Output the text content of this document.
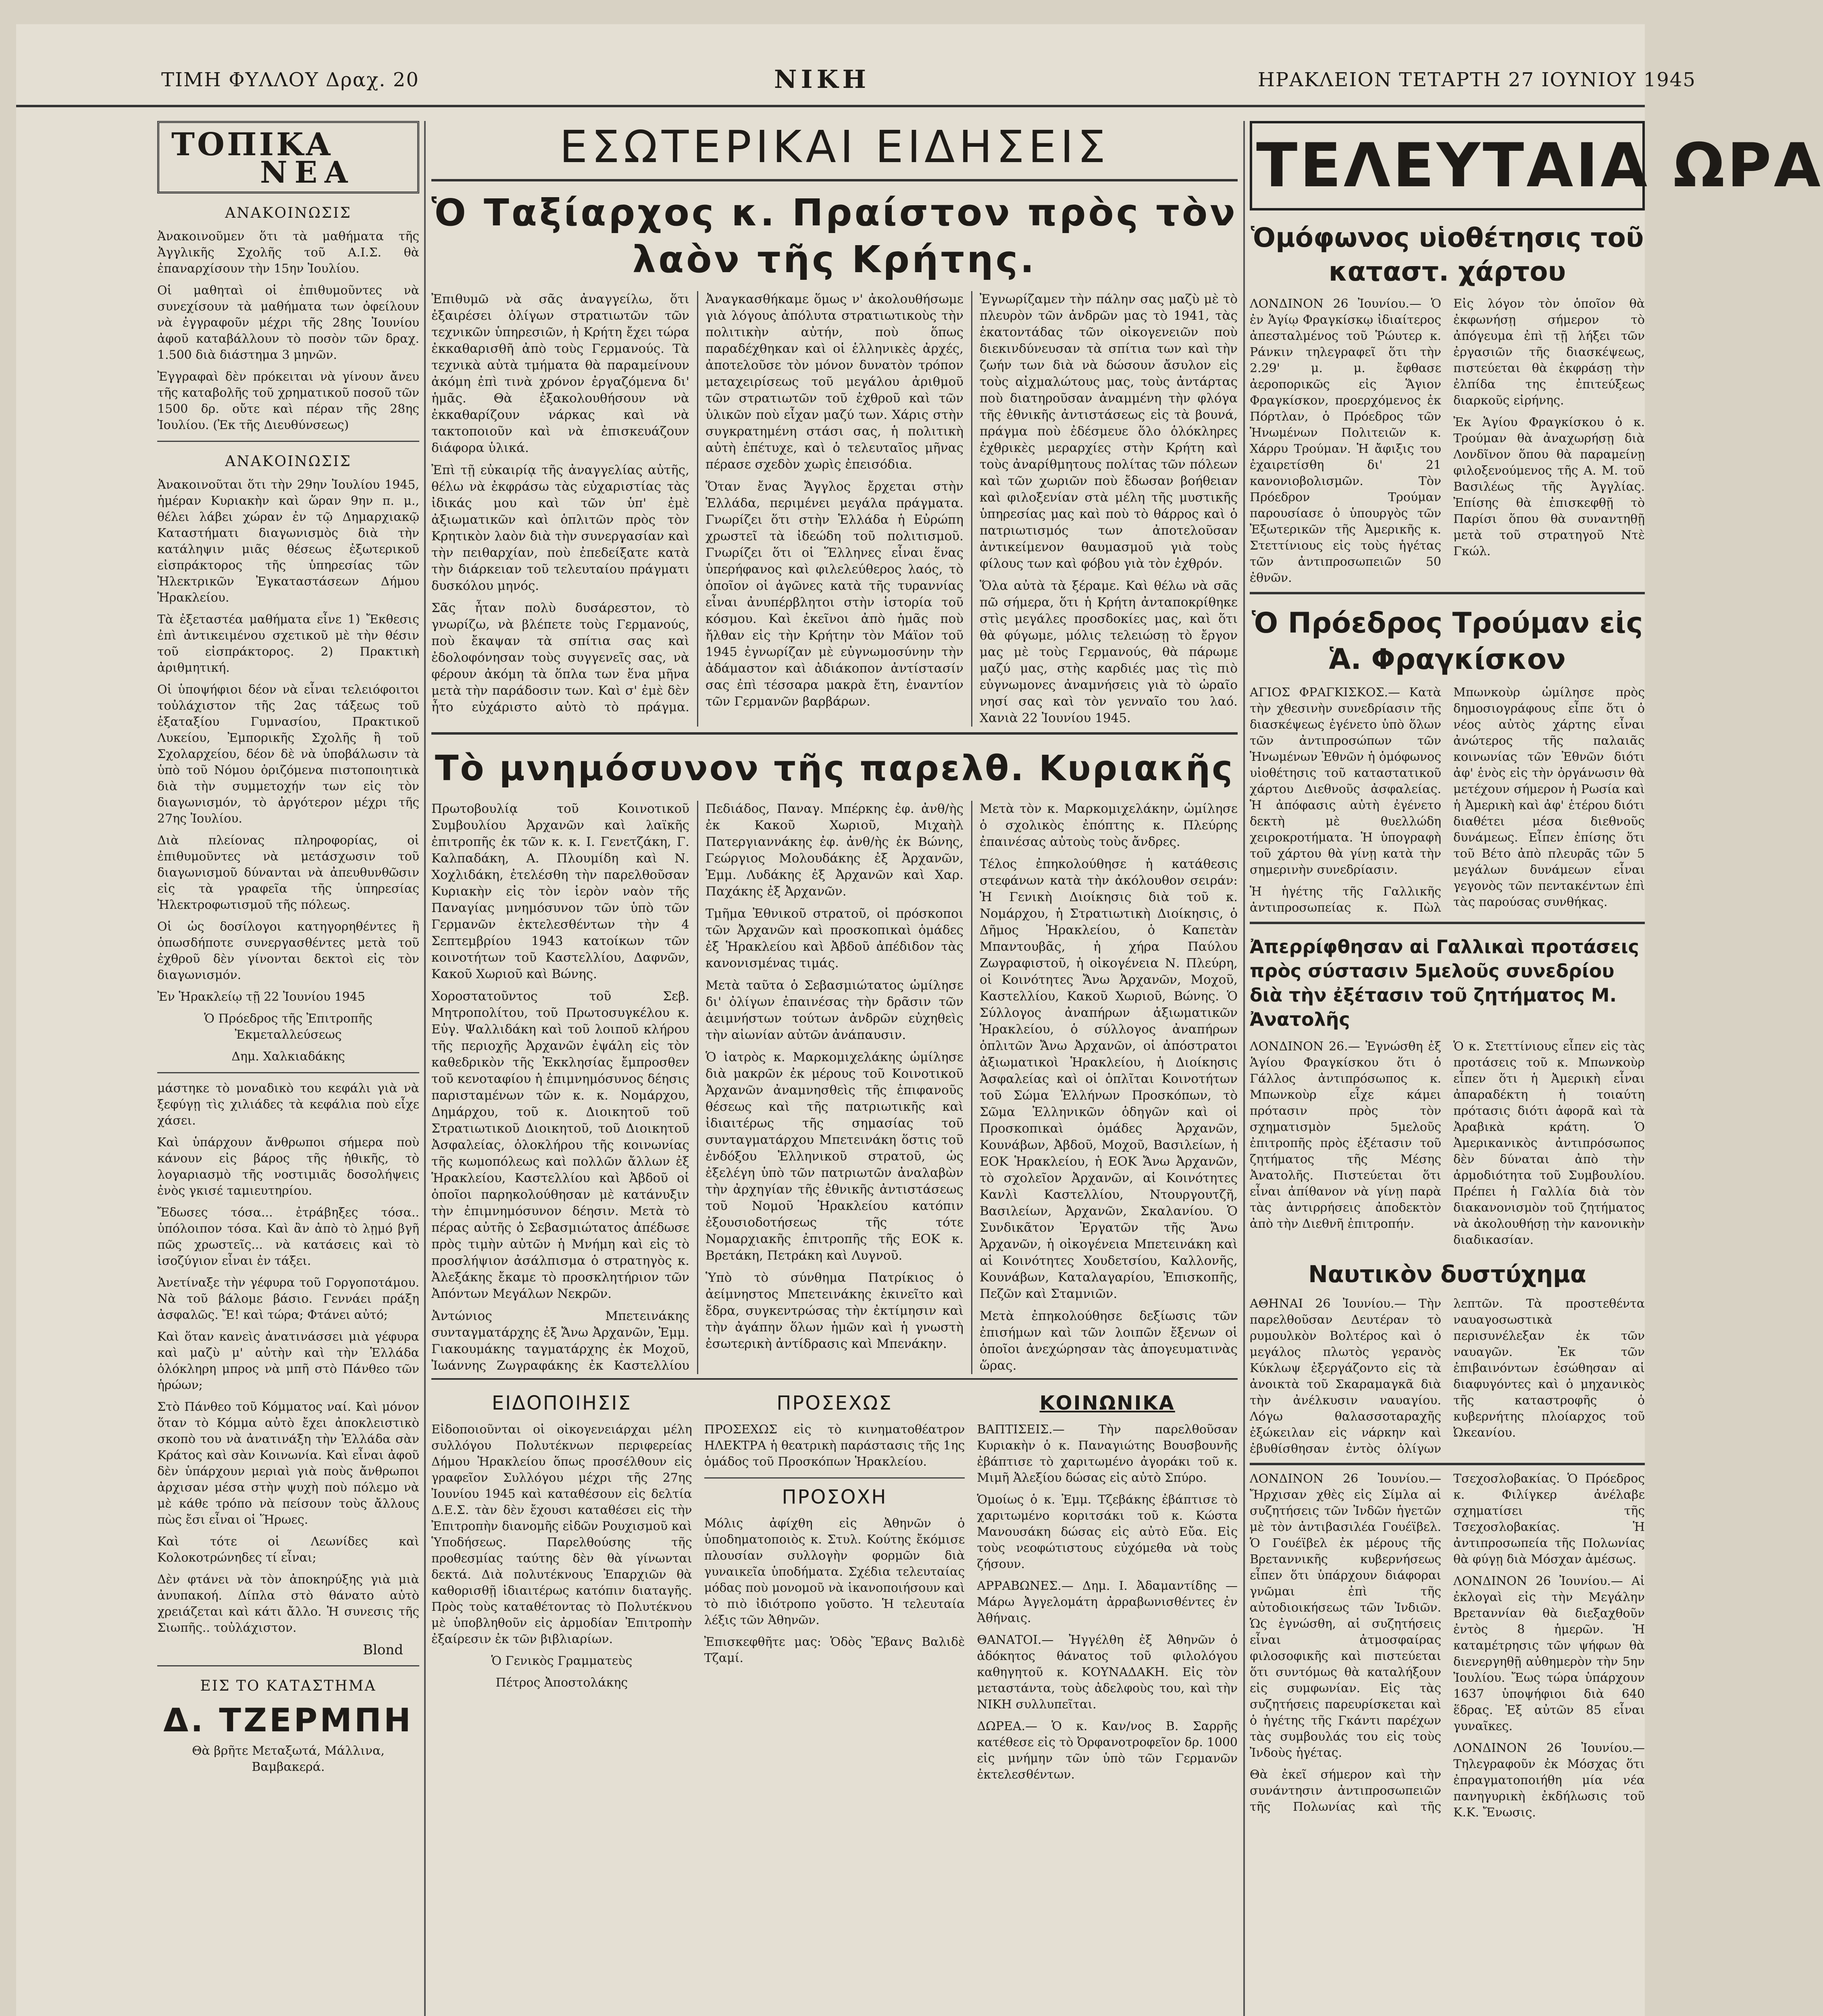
ΤΙΜΗ ΦΥΛΛΟΥ Δραχ. 20	ΝΙΚΗ	ΗΡΑΚΛΕΙΟΝ ΤΕΤΑΡΤΗ 27 ΙΟΥΝΙΟΥ 1945
ΤΟΠΙΚΑ
ΝΕΑ
ΑΝΑΚΟΙΝΩΣΙΣ

Ἀνακοινοῦμεν ὅτι τὰ μαθήματα τῆς Ἀγγλικῆς Σχολῆς τοῦ Α.Ι.Σ. θὰ ἐπαναρχίσουν τὴν 15ην Ἰουλίου.

Οἱ μαθηταὶ οἱ ἐπιθυμοῦντες νὰ συνεχίσουν τὰ μαθήματα των ὀφείλουν νὰ ἐγγραφοῦν μέχρι τῆς 28ης Ἰουνίου ἀφοῦ καταβάλλουν τὸ ποσὸν τῶν δραχ. 1.500 διὰ διάστημα 3 μηνῶν.

Ἐγγραφαὶ δὲν πρόκειται νὰ γίνουν ἄνευ τῆς καταβολῆς τοῦ χρηματικοῦ ποσοῦ τῶν 1500 δρ. οὔτε καὶ πέραν τῆς 28ης Ἰουλίου. (Ἐκ τῆς Διευθύνσεως)

ΑΝΑΚΟΙΝΩΣΙΣ

Ἀνακοινοῦται ὅτι τὴν 29ην Ἰουλίου 1945, ἡμέραν Κυριακὴν καὶ ὥραν 9ην π. μ., θέλει λάβει χώραν ἐν τῷ Δημαρχιακῷ Καταστήματι διαγωνισμὸς διὰ τὴν κατάληψιν μιᾶς θέσεως ἐξωτερικοῦ εἰσπράκτορος τῆς ὑπηρεσίας τῶν Ἠλεκτρικῶν Ἐγκαταστάσεων Δήμου Ἡρακλείου.

Τὰ ἐξεταστέα μαθήματα εἶνε 1) Ἔκθεσις ἐπὶ ἀντικειμένου σχετικοῦ μὲ τὴν θέσιν τοῦ εἰσπράκτορος. 2) Πρακτικὴ ἀριθμητική.

Οἱ ὑποψήφιοι δέον νὰ εἶναι τελειόφοιτοι τοὐλάχιστον τῆς 2ας τάξεως τοῦ ἑξαταξίου Γυμνασίου, Πρακτικοῦ Λυκείου, Ἐμπορικῆς Σχολῆς ἢ τοῦ Σχολαρχείου, δέον δὲ νὰ ὑποβάλωσιν τὰ ὑπὸ τοῦ Νόμου ὁριζόμενα πιστοποιητικὰ διὰ τὴν συμμετοχήν των εἰς τὸν διαγωνισμόν, τὸ ἀργότερον μέχρι τῆς 27ης Ἰουλίου.

Διὰ πλείονας πληροφορίας, οἱ ἐπιθυμοῦντες νὰ μετάσχωσιν τοῦ διαγωνισμοῦ δύνανται νὰ ἀπευθυνθῶσιν εἰς τὰ γραφεῖα τῆς ὑπηρεσίας Ἠλεκτροφωτισμοῦ τῆς πόλεως.

Οἱ ὡς δοσίλογοι κατηγορηθέντες ἢ ὁπωσδήποτε συνεργασθέντες μετὰ τοῦ ἐχθροῦ δὲν γίνονται δεκτοὶ εἰς τὸν διαγωνισμόν.

Ἐν Ἡρακλείῳ τῇ 22 Ἰουνίου 1945

Ὁ Πρόεδρος τῆς Ἐπιτροπῆς Ἐκμεταλλεύσεως

Δημ. Χαλκιαδάκης

μάστηκε τὸ μοναδικὸ του κεφάλι γιὰ νὰ ξεφύγῃ τὶς χιλιάδες τὰ κεφάλια ποὺ εἶχε χάσει.

Καὶ ὑπάρχουν ἄνθρωποι σήμερα ποὺ κάνουν εἰς βάρος τῆς ἠθικῆς, τὸ λογαριασμὸ τῆς νοστιμιᾶς δοσολήψεις ἐνὸς γκισέ ταμιευτηρίου.

Ἔδωσες τόσα... ἐτράβηξες τόσα.. ὑπόλοιπον τόσα. Καὶ ἂν ἀπὸ τὸ λῃμό βγῆ πῶς χρωστεῖς... νὰ κατάσεις καὶ τὸ ἰσοζύγιον εἶναι ἐν τάξει.

Ἀνετίναξε τὴν γέφυρα τοῦ Γοργοποτάμου. Νὰ τοῦ βάλομε βάσιο. Γεννάει πράξη ἀσφαλῶς. Ἔ! καὶ τώρα; Φτάνει αὐτό;

Καὶ ὅταν κανεὶς ἀνατινάσσει μιὰ γέφυρα καὶ μαζὺ μ' αὐτὴν καὶ τὴν Ἑλλάδα ὁλόκληρη μπρος νὰ μπῆ στὸ Πάνθεο τῶν ἡρώων;

Στὸ Πάνθεο τοῦ Κόμματος ναί. Καὶ μόνον ὅταν τὸ Κόμμα αὐτὸ ἔχει ἀποκλειστικὸ σκοπὸ του νὰ ἀνατινάξη τὴν Ἑλλάδα σὰν Κράτος καὶ σὰν Κοινωνία. Καὶ εἶναι ἀφοῦ δὲν ὑπάρχουν μεριαὶ γιὰ ποὺς ἄνθρωποι ἀρχισαν μέσα στὴν ψυχὴ ποὺ πόλεμο νὰ μὲ κάθε τρόπο νὰ πείσουν τοὺς ἄλλους πὼς ἔσι εἶναι οἱ Ἥρωες.

Καὶ τότε οἱ Λεωνίδες καὶ Κολοκοτρώνηδες τί εἶναι;

Δὲν φτάνει νὰ τὸν ἀποκηρύξης γιὰ μιὰ ἀνυπακοή. Δίπλα στὸ θάνατο αὐτὸ χρειάζεται καὶ κάτι ἄλλο. Ἡ συνεσις τῆς Σιωπῆς.. τοὐλάχιστον.

Blond
ΕΙΣ ΤΟ ΚΑΤΑΣΤΗΜΑ
Δ. ΤΖΕΡΜΠΗ

Θὰ βρῆτε Μεταξωτά, Μάλλινα, Βαμβακερά.

ΕΣΩΤΕΡΙΚΑΙ ΕΙΔΗΣΕΙΣ
Ὁ Ταξίαρχος κ. Πραίστον πρὸς τὸν λαὸν τῆς Κρήτης.

Ἐπιθυμῶ νὰ σᾶς ἀναγγείλω, ὅτι ἐξαιρέσει ὀλίγων στρατιωτῶν τῶν τεχνικῶν ὑπηρεσιῶν, ἡ Κρήτη ἔχει τώρα ἐκκαθαρισθῆ ἀπὸ τοὺς Γερμανούς. Τὰ τεχνικὰ αὐτὰ τμήματα θὰ παραμείνουν ἀκόμη ἐπὶ τινὰ χρόνον ἐργαζόμενα δι' ἡμᾶς. Θὰ ἐξακολουθήσουν νὰ ἐκκαθαρίζουν νάρκας καὶ νὰ τακτοποιοῦν καὶ νὰ ἐπισκευάζουν διάφορα ὑλικά.

Ἐπὶ τῇ εὐκαιρίᾳ τῆς ἀναγγελίας αὐτῆς, θέλω νὰ ἐκφράσω τὰς εὐχαριστίας τὰς ἰδικάς μου καὶ τῶν ὑπ' ἐμὲ ἀξιωματικῶν καὶ ὁπλιτῶν πρὸς τὸν Κρητικὸν λαὸν διὰ τὴν συνεργασίαν καὶ τὴν πειθαρχίαν, ποὺ ἐπεδείξατε κατὰ τὴν διάρκειαν τοῦ τελευταίου πράγματι δυσκόλου μηνός.

Σᾶς ἦταν πολὺ δυσάρεστον, τὸ γνωρίζω, νὰ βλέπετε τοὺς Γερμανούς, ποὺ ἔκαψαν τὰ σπίτια σας καὶ ἐδολοφόνησαν τοὺς συγγενεῖς σας, νὰ φέρουν ἀκόμη τὰ ὅπλα των ἕνα μῆνα μετὰ τὴν παράδοσιν των. Καὶ σ' ἐμὲ δὲν ἦτο εὐχάριστο αὐτὸ τὸ πράγμα. Ἀναγκασθήκαμε ὅμως ν' ἀκολουθήσωμε γιὰ λόγους ἀπόλυτα στρατιωτικοὺς τὴν πολιτικὴν αὐτήν, ποὺ ὅπως παραδέχθηκαν καὶ οἱ ἑλληνικὲς ἀρχές, ἀποτελοῦσε τὸν μόνον δυνατὸν τρόπον μεταχειρίσεως τοῦ μεγάλου ἀριθμοῦ τῶν στρατιωτῶν τοῦ ἐχθροῦ καὶ τῶν ὑλικῶν ποὺ εἶχαν μαζύ των. Χάρις στὴν συγκρατημένη στάσι σας, ἡ πολιτικὴ αὐτὴ ἐπέτυχε, καὶ ὁ τελευταῖος μῆνας πέρασε σχεδὸν χωρὶς ἐπεισόδια.

Ὅταν ἔνας Ἄγγλος ἔρχεται στὴν Ἑλλάδα, περιμένει μεγάλα πράγματα. Γνωρίζει ὅτι στὴν Ἑλλάδα ἡ Εὐρώπη χρωστεῖ τὰ ἰδεώδη τοῦ πολιτισμοῦ. Γνωρίζει ὅτι οἱ Ἕλληνες εἶναι ἕνας ὑπερήφανος καὶ φιλελεύθερος λαός, τὸ ὁποῖον οἱ ἀγῶνες κατὰ τῆς τυραννίας εἶναι ἀνυπέρβλητοι στὴν ἱστορία τοῦ κόσμου. Καὶ ἐκεῖνοι ἀπὸ ἡμᾶς ποὺ ἤλθαν εἰς τὴν Κρήτην τὸν Μάϊον τοῦ 1945 ἐγνωρίζαν μὲ εὐγνωμοσύνην τὴν ἀδάμαστον καὶ ἀδιάκοπον ἀντίστασίν σας ἐπὶ τέσσαρα μακρὰ ἔτη, ἐναντίον τῶν Γερμανῶν βαρβάρων.

Ἐγνωρίζαμεν τὴν πάλην σας μαζὺ μὲ τὸ πλευρὸν τῶν ἀνδρῶν μας τὸ 1941, τὰς ἑκατοντάδας τῶν οἰκογενειῶν ποὺ διεκινδύνευσαν τὰ σπίτια των καὶ τὴν ζωήν των διὰ νὰ δώσουν ἄσυλον εἰς τοὺς αἰχμαλώτους μας, τοὺς ἀντάρτας ποὺ διατηροῦσαν ἀναμμένη τὴν φλόγα τῆς ἐθνικῆς ἀντιστάσεως εἰς τὰ βουνά, πράγμα ποὺ ἐδέσμευε ὅλο ὁλόκληρες ἐχθρικὲς μεραρχίες στὴν Κρήτη καὶ τοὺς ἀναρίθμητους πολίτας τῶν πόλεων καὶ τῶν χωριῶν ποὺ ἔδωσαν βοήθειαν καὶ φιλοξενίαν στὰ μέλη τῆς μυστικῆς ὑπηρεσίας μας καὶ ποὺ τὸ θάρρος καὶ ὁ πατριωτισμός των ἀποτελοῦσαν ἀντικείμενον θαυμασμοῦ γιὰ τοὺς φίλους των καὶ φόβου γιὰ τὸν ἐχθρόν.

Ὅλα αὐτὰ τὰ ξέραμε. Καὶ θέλω νὰ σᾶς πῶ σήμερα, ὅτι ἡ Κρήτη ἀνταποκρίθηκε στὶς μεγάλες προσδοκίες μας, καὶ ὅτι θὰ φύγωμε, μόλις τελειώσῃ τὸ ἔργον μας μὲ τοὺς Γερμανούς, θὰ πάρωμε μαζύ μας, στὴς καρδιές μας τὶς πιὸ εὐγνωμονες ἀναμνήσεις γιὰ τὸ ὡραῖο νησί σας καὶ τὸν γενναῖο του λαό. Χανιὰ 22 Ἰουνίου 1945.

Τὸ μνημόσυνον τῆς παρελθ. Κυριακῆς

Πρωτοβουλίᾳ τοῦ Κοινοτικοῦ Συμβουλίου Ἀρχανῶν καὶ λαϊκῆς ἐπιτροπῆς ἐκ τῶν κ. κ. Ι. Γενετζάκη, Γ. Καλπαδάκη, Α. Πλουμίδη καὶ Ν. Χοχλιδάκη, ἐτελέσθη τὴν παρελθοῦσαν Κυριακὴν εἰς τὸν ἱερὸν ναὸν τῆς Παναγίας μνημόσυνον τῶν ὑπὸ τῶν Γερμανῶν ἐκτελεσθέντων τὴν 4 Σεπτεμβρίου 1943 κατοίκων τῶν κοινοτήτων τοῦ Καστελλίου, Δαφνῶν, Κακοῦ Χωριοῦ καὶ Βώνης.

Χοροστατοῦντος τοῦ Σεβ. Μητροπολίτου, τοῦ Πρωτοσυγκέλου κ. Εὐγ. Ψαλλιδάκη καὶ τοῦ λοιποῦ κλήρου τῆς περιοχῆς Ἀρχανῶν ἐψάλη εἰς τὸν καθεδρικὸν τῆς Ἐκκλησίας ἔμπροσθεν τοῦ κενοταφίου ἡ ἐπιμνημόσυνος δέησις παρισταμένων τῶν κ. κ. Νομάρχου, Δημάρχου, τοῦ κ. Διοικητοῦ τοῦ Στρατιωτικοῦ Διοικητοῦ, τοῦ Διοικητοῦ Ἀσφαλείας, ὁλοκλήρου τῆς κοινωνίας τῆς κωμοπόλεως καὶ πολλῶν ἄλλων ἐξ Ἡρακλείου, Καστελλίου καὶ Ἀβδοῦ οἱ ὁποῖοι παρηκολούθησαν μὲ κατάνυξιν τὴν ἐπιμνημόσυνον δέησιν. Μετὰ τὸ πέρας αὐτῆς ὁ Σεβασμιώτατος ἀπέδωσε πρὸς τιμὴν αὐτῶν ἡ Μνήμη καὶ εἰς τὸ προσλήψιον ἀσάλπισμα ὁ στρατηγὸς κ. Ἀλεξάκης ἔκαμε τὸ προσκλητήριον τῶν Ἀπόντων Μεγάλων Νεκρῶν.

Ἀντώνιος Μπετεινάκης συνταγματάρχης ἐξ Ἄνω Ἀρχανῶν, Ἐμμ. Γιακουμάκης ταγματάρχης ἐκ Μοχοῦ, Ἰωάννης Ζωγραφάκης ἐκ Καστελλίου Πεδιάδος, Παναγ. Μπέρκης ἐφ. ἀνθ/ὴς ἐκ Κακοῦ Χωριοῦ, Μιχαὴλ Πατεργιαννάκης ἐφ. ἀνθ/ὴς ἐκ Βώνης, Γεώργιος Μολουδάκης ἐξ Ἀρχανῶν, Ἐμμ. Λυδάκης ἐξ Ἀρχανῶν καὶ Χαρ. Παχάκης ἐξ Ἀρχανῶν.

Τμῆμα Ἐθνικοῦ στρατοῦ, οἱ πρόσκοποι τῶν Ἀρχανῶν καὶ προσκοπικαὶ ὁμάδες ἐξ Ἡρακλείου καὶ Ἀβδοῦ ἀπέδιδον τὰς κανονισμένας τιμάς.

Μετὰ ταῦτα ὁ Σεβασμιώτατος ὡμίλησε δι' ὀλίγων ἐπαινέσας τὴν δρᾶσιν τῶν ἀειμνήστων τούτων ἀνδρῶν εὐχηθεὶς τὴν αἰωνίαν αὐτῶν ἀνάπαυσιν.

Ὁ ἰατρὸς κ. Μαρκομιχελάκης ὡμίλησε διὰ μακρῶν ἐκ μέρους τοῦ Κοινοτικοῦ Ἀρχανῶν ἀναμνησθεὶς τῆς ἐπιφανοῦς θέσεως καὶ τῆς πατριωτικῆς καὶ ἰδιαιτέρως τῆς σημασίας τοῦ συνταγματάρχου Μπετεινάκη ὅστις τοῦ ἐνδόξου Ἑλληνικοῦ στρατοῦ, ὡς ἐξελέγη ὑπὸ τῶν πατριωτῶν ἀναλαβὼν τὴν ἀρχηγίαν τῆς ἐθνικῆς ἀντιστάσεως τοῦ Νομοῦ Ἡρακλείου κατόπιν ἐξουσιοδοτήσεως τῆς τότε Νομαρχιακῆς ἐπιτροπῆς τῆς ΕΟΚ κ. Βρετάκη, Πετράκη καὶ Λυγνοῦ.

Ὑπὸ τὸ σύνθημα Πατρίκιος ὁ ἀείμνηστος Μπετεινάκης ἐκινεῖτο καὶ ἔδρα, συγκεντρώσας τὴν ἐκτίμησιν καὶ τὴν ἀγάπην ὅλων ἡμῶν καὶ ἡ γνωστὴ ἐσωτερικὴ ἀντίδρασις καὶ Μπενάκην.

Μετὰ τὸν κ. Μαρκομιχελάκην, ὡμίλησε ὁ σχολικὸς ἐπόπτης κ. Πλεύρης ἐπαινέσας αὐτοὺς τοὺς ἄνδρες.

Τέλος ἐπηκολούθησε ἡ κατάθεσις στεφάνων κατὰ τὴν ἀκόλουθον σειράν: Ἡ Γενικὴ Διοίκησις διὰ τοῦ κ. Νομάρχου, ἡ Στρατιωτικὴ Διοίκησις, ὁ Δῆμος Ἡρακλείου, ὁ Καπετὰν Μπαντουβᾶς, ἡ χήρα Παύλου Ζωγραφιστοῦ, ἡ οἰκογένεια Ν. Πλεύρη, οἱ Κοινότητες Ἄνω Ἀρχανῶν, Μοχοῦ, Καστελλίου, Κακοῦ Χωριοῦ, Βώνης. Ὁ Σύλλογος ἀναπήρων ἀξιωματικῶν Ἡρακλείου, ὁ σύλλογος ἀναπήρων ὁπλιτῶν Ἄνω Ἀρχανῶν, οἱ ἀπόστρατοι ἀξιωματικοὶ Ἡρακλείου, ἡ Διοίκησις Ἀσφαλείας καὶ οἱ ὁπλῖται Κοινοτήτων τοῦ Σώμα Ἑλλήνων Προσκόπων, τὸ Σῶμα Ἑλληνικῶν ὁδηγῶν καὶ οἱ Προσκοπικαὶ ὁμάδες Ἀρχανῶν, Κουνάβων, Ἀβδοῦ, Μοχοῦ, Βασιλείων, ἡ ΕΟΚ Ἡρακλείου, ἡ ΕΟΚ Ἄνω Ἀρχανῶν, τὸ σχολεῖον Ἀρχανῶν, αἱ Κοινότητες Κανλὶ Καστελλίου, Ντουργουτζῆ, Βασιλείων, Ἀρχανῶν, Σκαλανίου. Ὁ Συνδικᾶτον Ἐργατῶν τῆς Ἄνω Ἀρχανῶν, ἡ οἰκογένεια Μπετεινάκη καὶ αἱ Κοινότητες Χουδετσίου, Καλλονῆς, Κουνάβων, Καταλαγαρίου, Ἐπισκοπῆς, Πεζῶν καὶ Σταμνιῶν.

Μετὰ ἐπηκολούθησε δεξίωσις τῶν ἐπισήμων καὶ τῶν λοιπῶν ἔξενων οἱ ὁποῖοι ἀνεχώρησαν τὰς ἀπογευματινὰς ὥρας.

ΕΙΔΟΠΟΙΗΣΙΣ

Εἰδοποιοῦνται οἱ οἰκογενειάρχαι μέλη συλλόγου Πολυτέκνων περιφερείας Δήμου Ἡρακλείου ὅπως προσέλθουν εἰς γραφεῖον Συλλόγου μέχρι τῆς 27ης Ἰουνίου 1945 καὶ καταθέσουν εἰς δελτία Δ.Ε.Σ. τὰν δὲν ἔχουσι καταθέσει εἰς τὴν Ἐπιτροπὴν διανομῆς εἰδῶν Ρουχισμοῦ καὶ Ὑποδήσεως. Παρελθούσης τῆς προθεσμίας ταύτης δὲν θὰ γίνωνται δεκτά. Διὰ πολυτέκνους Ἐπαρχιῶν θὰ καθορισθῇ ἰδιαιτέρως κατόπιν διαταγῆς. Πρὸς τοὺς καταθέτοντας τὸ Πολυτέκνου μὲ ὑποβληθοῦν εἰς ἀρμοδίαν Ἐπιτροπὴν ἐξαίρεσιν ἐκ τῶν βιβλιαρίων.

Ὁ Γενικὸς Γραμματεὺς

Πέτρος Ἀποστολάκης

ΠΡΟΣΕΧΩΣ

ΠΡΟΣΕΧΩΣ εἰς τὸ κινηματοθέατρον ΗΛΕΚΤΡΑ ἡ θεατρικὴ παράστασις τῆς 1ης ὁμάδος τοῦ Προσκόπων Ἡρακλείου.

ΠΡΟΣΟΧΗ

Μόλις ἀφίχθη εἰς Ἀθηνῶν ὁ ὑποδηματοποιὸς κ. Στυλ. Κούτης ἔκόμισε πλουσίαν συλλογὴν φορμῶν διὰ γυναικεῖα ὑποδήματα. Σχέδια τελευταίας μόδας ποὺ μονομοῦ νὰ ἱκανοποιήσουν καὶ τὸ πιὸ ἰδιότροπο γοῦστο. Ἡ τελευταία λέξις τῶν Ἀθηνῶν.

Ἐπισκεφθῆτε μας: Ὁδὸς Ἔβανς Βαλιδὲ Τζαμί.

ΚΟΙΝΩΝΙΚΑ

ΒΑΠΤΙΣΕΙΣ.— Τὴν παρελθοῦσαν Κυριακὴν ὁ κ. Παναγιώτης Βουσβουνῆς ἐβάπτισε τὸ χαριτωμένο ἀγοράκι τοῦ κ. Μιμῆ Ἀλεξίου δώσας εἰς αὐτὸ Σπύρο.

Ὁμοίως ὁ κ. Ἐμμ. Τζεβάκης ἐβάπτισε τὸ χαριτωμένο κοριτσάκι τοῦ κ. Κώστα Μανουσάκη δώσας εἰς αὐτὸ Εὔα. Εἰς τοὺς νεοφώτιστους εὐχόμεθα νὰ τοὺς ζήσουν.

ΑΡΡΑΒΩΝΕΣ.— Δημ. Ι. Ἀδαμαντίδης — Μάρω Ἀγγελομάτη ἀρραβωνισθέντες ἐν Ἀθήναις.

ΘΑΝΑΤΟΙ.— Ἠγγέλθη ἐξ Ἀθηνῶν ὁ ἀδόκητος θάνατος τοῦ φιλολόγου καθηγητοῦ κ. ΚΟΥΝΑΔΑΚΗ. Εἰς τὸν μεταστάντα, τοὺς ἀδελφοὺς του, καὶ τὴν ΝΙΚΗ συλλυπεῖται.

ΔΩΡΕΑ.— Ὁ κ. Καν/νος Β. Σαρρῆς κατέθεσε εἰς τὸ Ὀρφανοτροφεῖον δρ. 1000 εἰς μνήμην τῶν ὑπὸ τῶν Γερμανῶν ἐκτελεσθέντων.

ΤΕΛΕΥΤΑΙΑ ΩΡΑ
Ὁμόφωνος υἱοθέτησις τοῦ καταστ. χάρτου

ΛΟΝΔΙΝΟΝ 26 Ἰουνίου.— Ὁ ἐν Ἁγίῳ Φραγκίσκῳ ἰδιαίτερος ἀπεσταλμένος τοῦ Ῥώυτερ κ. Ράνκιν τηλεγραφεῖ ὅτι τὴν 2.29' μ. μ. ἔφθασε ἀεροπορικῶς εἰς Ἅγιον Φραγκίσκον, προερχόμενος ἐκ Πόρτλαν, ὁ Πρόεδρος τῶν Ἡνωμένων Πολιτειῶν κ. Χάρρυ Τρούμαν. Ἡ ἄφιξις του ἐχαιρετίσθη δι' 21 κανονιοβολισμῶν. Τὸν Πρόεδρον Τρούμαν παρουσίασε ὁ ὑπουργὸς τῶν Ἐξωτερικῶν τῆς Ἀμερικῆς κ. Στεττίνιους εἰς τοὺς ἡγέτας τῶν ἀντιπροσωπειῶν 50 ἐθνῶν.

Εἰς λόγον τὸν ὁποῖον θὰ ἐκφωνήσῃ σήμερον τὸ ἀπόγευμα ἐπὶ τῇ λήξει τῶν ἐργασιῶν τῆς διασκέψεως, πιστεύεται θὰ ἐκφράσῃ τὴν ἐλπίδα της ἐπιτεύξεως διαρκοῦς εἰρήνης.

Ἐκ Ἁγίου Φραγκίσκου ὁ κ. Τρούμαν θὰ ἀναχωρήσῃ διὰ Λονδῖνον ὅπου θὰ παραμείνῃ φιλοξενούμενος τῆς Α. Μ. τοῦ Βασιλέως τῆς Ἀγγλίας. Ἐπίσης θὰ ἐπισκεφθῇ τὸ Παρίσι ὅπου θὰ συναντηθῇ μετὰ τοῦ στρατηγοῦ Ντὲ Γκώλ.

Ὁ Πρόεδρος Τρούμαν εἰς Ἁ. Φραγκίσκον

ΑΓΙΟΣ ΦΡΑΓΚΙΣΚΟΣ.— Κατὰ τὴν χθεσινὴν συνεδρίασιν τῆς διασκέψεως ἐγένετο ὑπὸ ὅλων τῶν ἀντιπροσώπων τῶν Ἡνωμένων Ἐθνῶν ἡ ὁμόφωνος υἱοθέτησις τοῦ καταστατικοῦ χάρτου Διεθνοῦς ἀσφαλείας. Ἡ ἀπόφασις αὐτὴ ἐγένετο δεκτὴ μὲ θυελλώδη χειροκροτήματα. Ἡ ὑπογραφὴ τοῦ χάρτου θὰ γίνῃ κατὰ τὴν σημερινὴν συνεδρίασιν.

Ἡ ἡγέτης τῆς Γαλλικῆς ἀντιπροσωπείας κ. Πὼλ Μπωνκοὺρ ὡμίλησε πρὸς δημοσιογράφους εἶπε ὅτι ὁ νέος αὐτὸς χάρτης εἶναι ἀνώτερος τῆς παλαιᾶς κοινωνίας τῶν Ἐθνῶν διότι ἀφ' ἑνὸς εἰς τὴν ὀργάνωσιν θὰ μετέχουν σήμερον ἡ Ρωσία καὶ ἡ Ἀμερικὴ καὶ ἀφ' ἑτέρου διότι διαθέτει μέσα διεθνοῦς δυνάμεως. Εἶπεν ἐπίσης ὅτι τοῦ Βέτο ἀπὸ πλευρᾶς τῶν 5 μεγάλων δυνάμεων εἶναι γεγονὸς τῶν πεντακέντων ἐπὶ τὰς παρούσας συνθήκας.

Ἀπερρίφθησαν αἱ Γαλλικαὶ προτάσεις πρὸς σύστασιν 5μελοῦς συνεδρίου διὰ τὴν ἐξέτασιν τοῦ ζητήματος Μ. Ἀνατολῆς

ΛΟΝΔΙΝΟΝ 26.— Ἐγνώσθη ἐξ Ἁγίου Φραγκίσκου ὅτι ὁ Γάλλος ἀντιπρόσωπος κ. Μπωνκοὺρ εἶχε κάμει πρότασιν πρὸς τὸν σχηματισμὸν 5μελοῦς ἐπιτροπῆς πρὸς ἐξέτασιν τοῦ ζητήματος τῆς Μέσης Ἀνατολῆς. Πιστεύεται ὅτι εἶναι ἀπίθανον νὰ γίνῃ παρὰ τὰς ἀντιρρήσεις ἀποδεκτὸν ἀπὸ τὴν Διεθνῆ ἐπιτροπήν.

Ὁ κ. Στεττίνιους εἶπεν εἰς τὰς προτάσεις τοῦ κ. Μπωνκοὺρ εἶπεν ὅτι ἡ Ἀμερικὴ εἶναι ἀπαραδέκτη ἡ τοιαύτη πρότασις διότι ἀφορᾶ καὶ τὰ Ἀραβικὰ κράτη. Ὁ Ἀμερικανικὸς ἀντιπρόσωπος δὲν δύναται ἀπὸ τὴν ἁρμοδιότητα τοῦ Συμβουλίου. Πρέπει ἡ Γαλλία διὰ τὸν διακανονισμὸν τοῦ ζητήματος νὰ ἀκολουθήσῃ τὴν κανονικὴν διαδικασίαν.

Ναυτικὸν δυστύχημα

ΑΘΗΝΑΙ 26 Ἰουνίου.— Τὴν παρελθοῦσαν Δευτέραν τὸ ρυμουλκὸν Βολτέρος καὶ ὁ μεγάλος πλωτὸς γερανὸς Κύκλωψ ἐξεργάζοντο εἰς τὰ ἀνοικτὰ τοῦ Σκαραμαγκᾶ διὰ τὴν ἀνέλκυσιν ναυαγίου. Λόγω θαλασσοταραχῆς ἐξώκειλαν εἰς νάρκην καὶ ἐβυθίσθησαν ἐντὸς ὀλίγων λεπτῶν. Τὰ προστεθέντα ναυαγοσωστικὰ περισυνέλεξαν ἐκ τῶν ναυαγῶν. Ἐκ τῶν ἐπιβαινόντων ἐσώθησαν αἱ διαφυγόντες καὶ ὁ μηχανικὸς τῆς καταστροφῆς ὁ κυβερνήτης πλοίαρχος τοῦ Ὠκεανίου.

ΛΟΝΔΙΝΟΝ 26 Ἰουνίου.— Ἤρχισαν χθὲς εἰς Σίμλα αἱ συζητήσεις τῶν Ἰνδῶν ἡγετῶν μὲ τὸν ἀντιβασιλέα Γουέϊβελ. Ὁ Γουέϊβελ ἐκ μέρους τῆς Βρεταννικῆς κυβερνήσεως εἶπεν ὅτι ὑπάρχουν διάφοραι γνῶμαι ἐπὶ τῆς αὐτοδιοικήσεως τῶν Ἰνδιῶν. Ὡς ἐγνώσθη, αἱ συζητήσεις εἶναι ἀτμοσφαίρας φιλοσοφικῆς καὶ πιστεύεται ὅτι συντόμως θὰ καταλήξουν εἰς συμφωνίαν. Εἰς τὰς συζητήσεις παρευρίσκεται καὶ ὁ ἡγέτης τῆς Γκάντι παρέχων τὰς συμβουλάς του εἰς τοὺς Ἰνδοὺς ἡγέτας.

Θὰ ἐκεῖ σήμερον καὶ τὴν συνάντησιν ἀντιπροσωπειῶν τῆς Πολωνίας καὶ τῆς Τσεχοσλοβακίας. Ὁ Πρόεδρος κ. Φιλίγκερ ἀνέλαβε σχηματίσει τῆς Τσεχοσλοβακίας. Ἡ ἀντιπροσωπεία τῆς Πολωνίας θὰ φύγῃ διὰ Μόσχαν ἀμέσως.

ΛΟΝΔΙΝΟΝ 26 Ἰουνίου.— Αἱ ἐκλογαὶ εἰς τὴν Μεγάλην Βρεταννίαν θὰ διεξαχθοῦν ἐντὸς 8 ἡμερῶν. Ἡ καταμέτρησις τῶν ψήφων θὰ διενεργηθῇ αὐθημερὸν τὴν 5ην Ἰουλίου. Ἔως τώρα ὑπάρχουν 1637 ὑποψήφιοι διὰ 640 ἕδρας. Ἐξ αὐτῶν 85 εἶναι γυναῖκες.

ΛΟΝΔΙΝΟΝ 26 Ἰουνίου.— Τηλεγραφοῦν ἐκ Μόσχας ὅτι ἐπραγματοποιήθη μία νέα πανηγυρικὴ ἐκδήλωσις τοῦ Κ.Κ. Ἔνωσις.
